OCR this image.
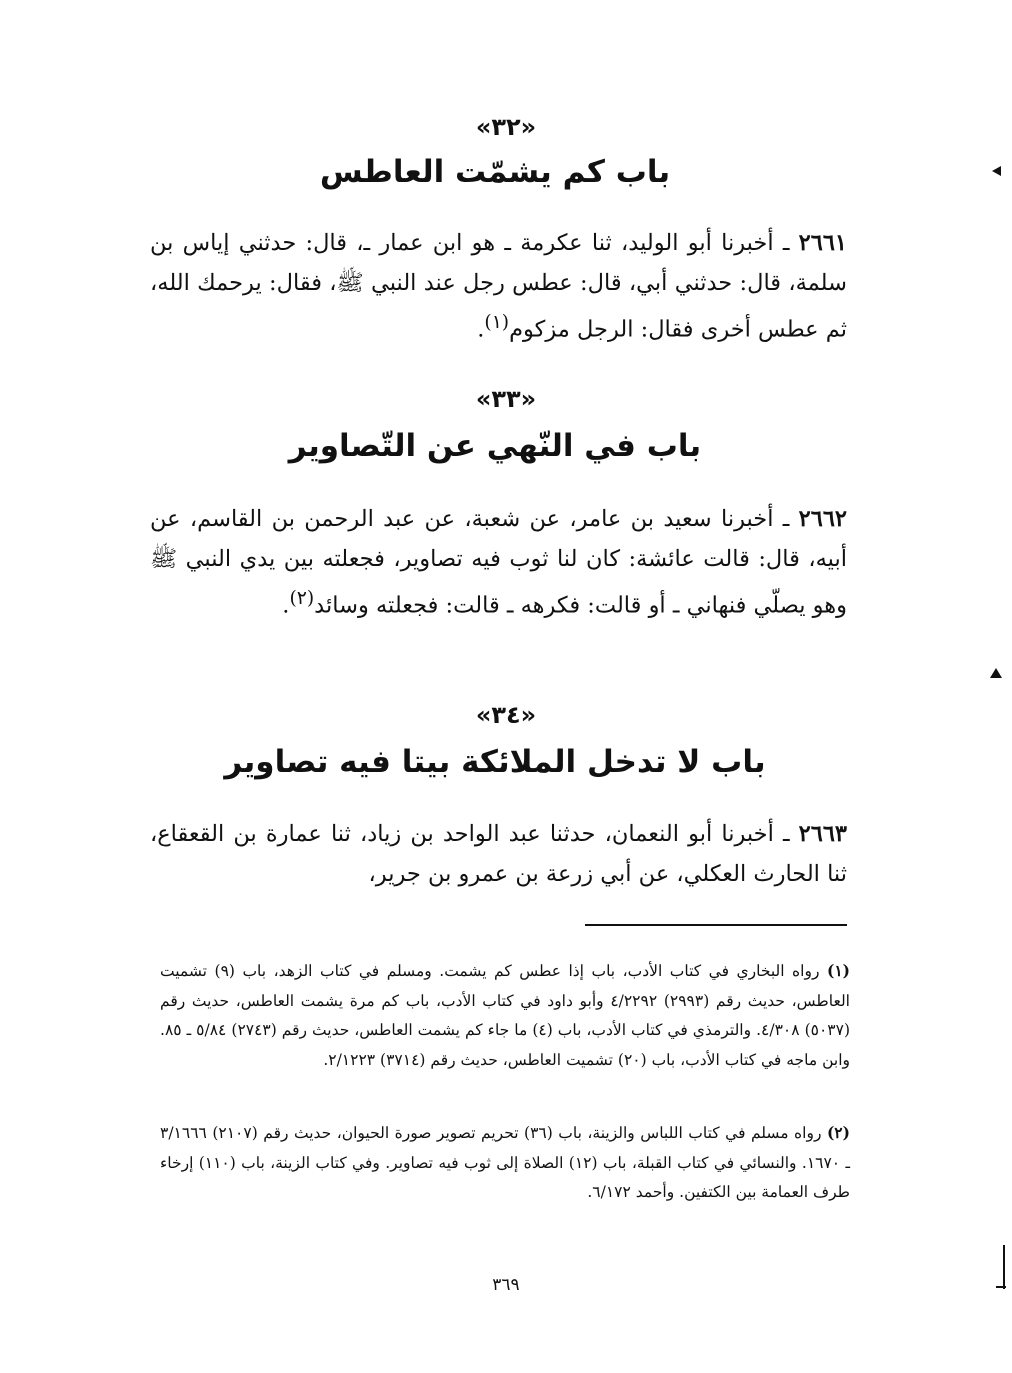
«٣٢»
باب كم يشمّت العاطس

٢٦٦١ ـ أخبرنا أبو الوليد، ثنا عكرمة ـ هو ابن عمار ـ، قال: حدثني إياس بن سلمة، قال: حدثني أبي، قال: عطس رجل عند النبي ﷺ، فقال: يرحمك الله، ثم عطس أخرى فقال: الرجل مزكوم$^{(١)}$.

«٣٣»
باب في النّهي عن التّصاوير

٢٦٦٢ ـ أخبرنا سعيد بن عامر، عن شعبة، عن عبد الرحمن بن القاسم، عن أبيه، قال: قالت عائشة: كان لنا ثوب فيه تصاوير، فجعلته بين يدي النبي ﷺ وهو يصلّي فنهاني ـ أو قالت: فكرهه ـ قالت: فجعلته وسائد$^{(٢)}$.

«٣٤»
باب لا تدخل الملائكة بيتا فيه تصاوير

٢٦٦٣ ـ أخبرنا أبو النعمان، حدثنا عبد الواحد بن زياد، ثنا عمارة بن القعقاع، ثنا الحارث العكلي، عن أبي زرعة بن عمرو بن جرير،

(١) رواه البخاري في كتاب الأدب، باب إذا عطس كم يشمت. ومسلم في كتاب الزهد، باب (٩) تشميت العاطس، حديث رقم (٢٩٩٣) ٤/٢٢٩٢ وأبو داود في كتاب الأدب، باب كم مرة يشمت العاطس، حديث رقم (٥٠٣٧) ٤/٣٠٨. والترمذي في كتاب الأدب، باب (٤) ما جاء كم يشمت العاطس، حديث رقم (٢٧٤٣) ٥/٨٤ ـ ٨٥. وابن ماجه في كتاب الأدب، باب (٢٠) تشميت العاطس، حديث رقم (٣٧١٤) ٢/١٢٢٣.
(٢) رواه مسلم في كتاب اللباس والزينة، باب (٣٦) تحريم تصوير صورة الحيوان، حديث رقم (٢١٠٧) ٣/١٦٦٦ ـ ١٦٧٠. والنسائي في كتاب القبلة، باب (١٢) الصلاة إلى ثوب فيه تصاوير. وفي كتاب الزينة، باب (١١٠) إرخاء طرف العمامة بين الكتفين. وأحمد ٦/١٧٢.
٣٦٩
